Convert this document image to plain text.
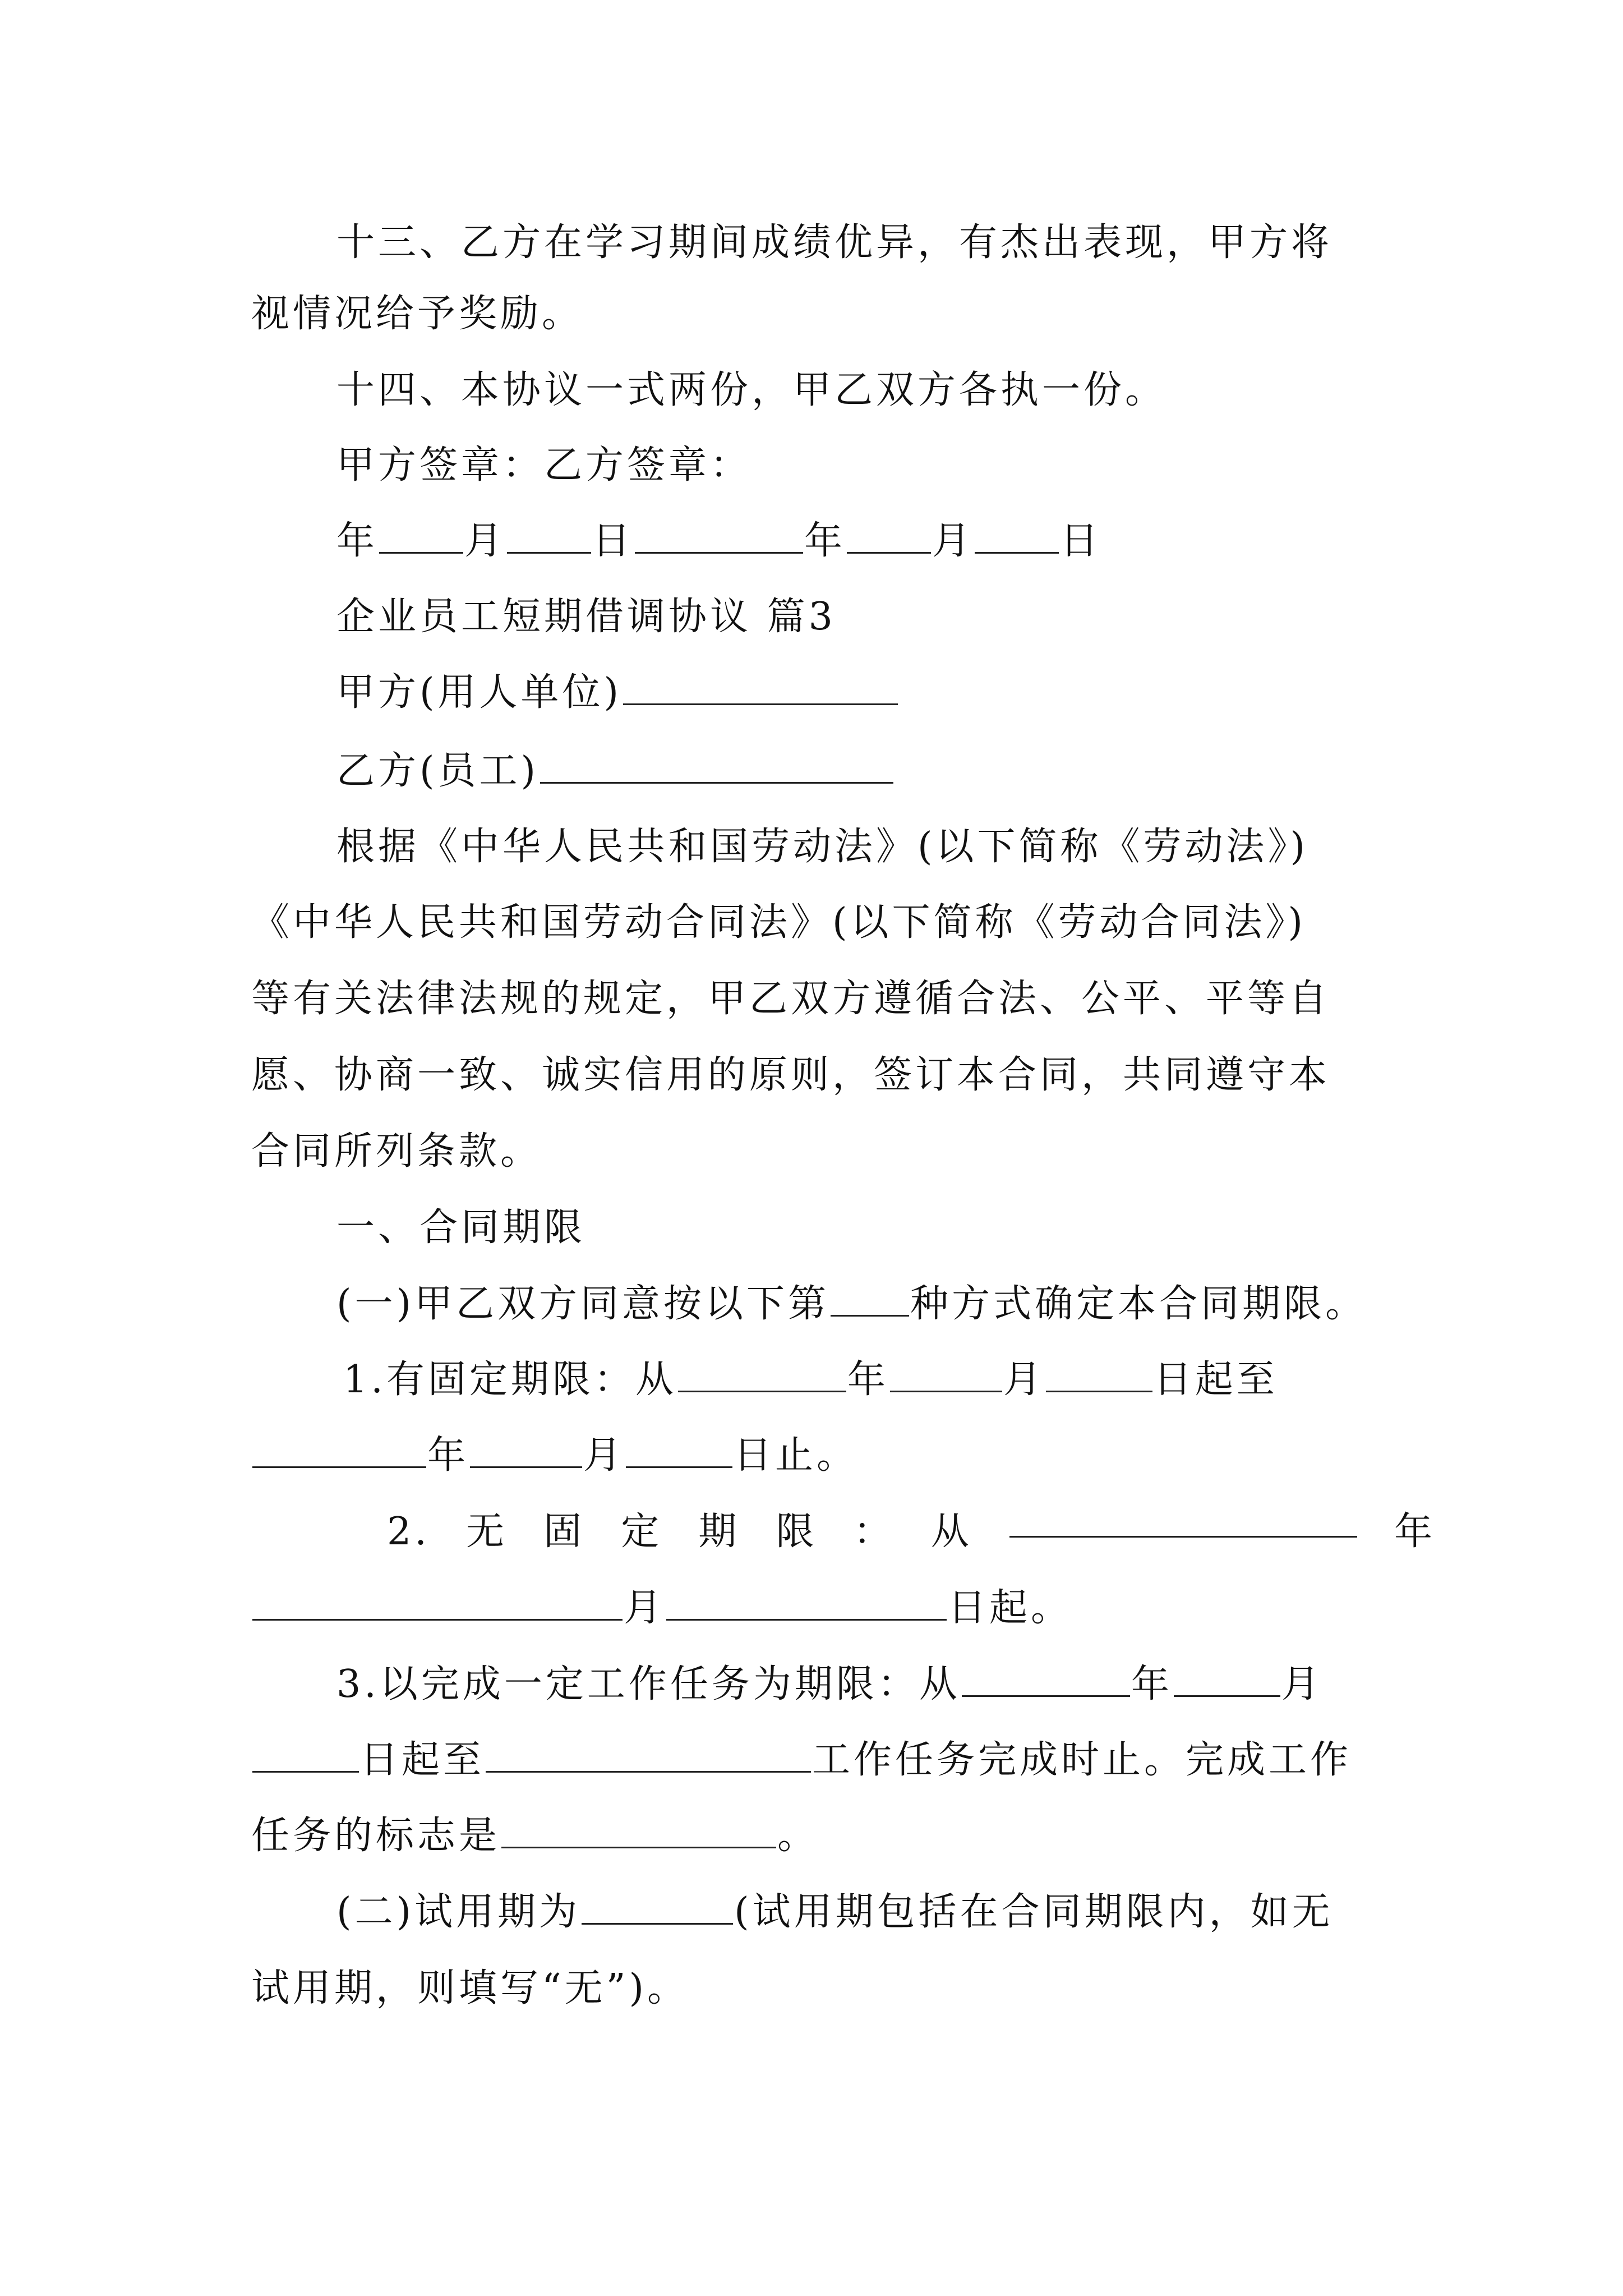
十三、乙方在学习期间成绩优异，有杰出表现，甲方将
视情况给予奖励。
十四、本协议一式两份，甲乙双方各执一份。
甲方签章：乙方签章：
年 月 日	年 月 日
企业员工短期借调协议 篇3
甲方(用人单位)
乙方(员工)
根据《中华人民共和国劳动法》(以下简称《劳动法》)
《中华人民共和国劳动合同法》(以下简称《劳动合同法》)
等有关法律法规的规定，甲乙双方遵循合法、公平、平等自
愿、协商一致、诚实信用的原则，签订本合同，共同遵守本
合同所列条款。
一、合同期限
(一)甲乙双方同意按以下第 种方式确定本合同期限。
1.有固定期限：从	年	月	日起至
年	月	日止。
2. 无 固 定 期 限 ： 从	年
月	日起。
3.以完成一定工作任务为期限：从	年	月
日起至	工作任务完成时止。完成工作
任务的标志是	。
(二)试用期为	(试用期包括在合同期限内，如无
试用期，则填写“无”)。
